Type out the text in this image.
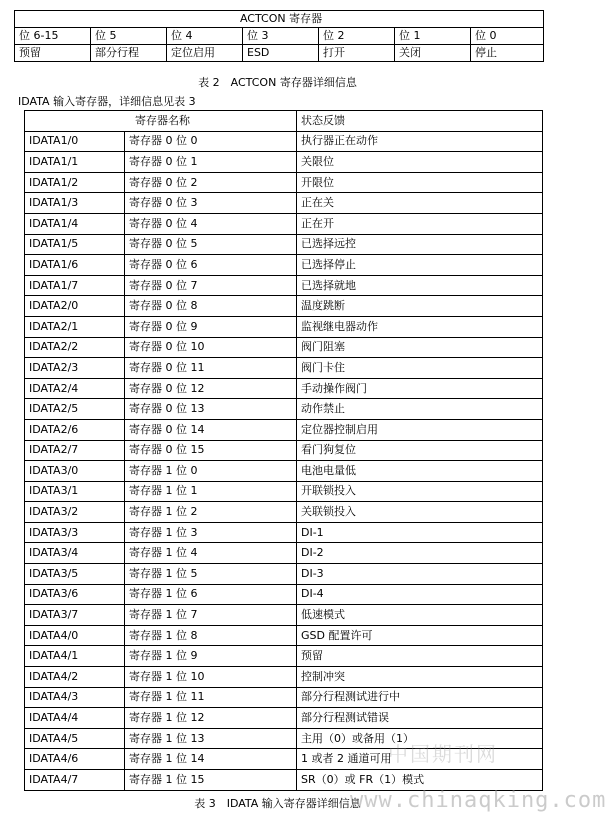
ACTCON 寄存器						
位 6-15	位 5	位 4	位 3	位 2	位 1	位 0
预留	部分行程	定位启用	ESD	打开	关闭	停止
表 2　ACTCON 寄存器详细信息
IDATA 输入寄存器，详细信息见表 3
寄存器名称		状态反馈
IDATA1/0	寄存器 0 位 0	执行器正在动作
IDATA1/1	寄存器 0 位 1	关限位
IDATA1/2	寄存器 0 位 2	开限位
IDATA1/3	寄存器 0 位 3	正在关
IDATA1/4	寄存器 0 位 4	正在开
IDATA1/5	寄存器 0 位 5	已选择远控
IDATA1/6	寄存器 0 位 6	已选择停止
IDATA1/7	寄存器 0 位 7	已选择就地
IDATA2/0	寄存器 0 位 8	温度跳断
IDATA2/1	寄存器 0 位 9	监视继电器动作
IDATA2/2	寄存器 0 位 10	阀门阻塞
IDATA2/3	寄存器 0 位 11	阀门卡住
IDATA2/4	寄存器 0 位 12	手动操作阀门
IDATA2/5	寄存器 0 位 13	动作禁止
IDATA2/6	寄存器 0 位 14	定位器控制启用
IDATA2/7	寄存器 0 位 15	看门狗复位
IDATA3/0	寄存器 1 位 0	电池电量低
IDATA3/1	寄存器 1 位 1	开联锁投入
IDATA3/2	寄存器 1 位 2	关联锁投入
IDATA3/3	寄存器 1 位 3	DI-1
IDATA3/4	寄存器 1 位 4	DI-2
IDATA3/5	寄存器 1 位 5	DI-3
IDATA3/6	寄存器 1 位 6	DI-4
IDATA3/7	寄存器 1 位 7	低速模式
IDATA4/0	寄存器 1 位 8	GSD 配置许可
IDATA4/1	寄存器 1 位 9	预留
IDATA4/2	寄存器 1 位 10	控制冲突
IDATA4/3	寄存器 1 位 11	部分行程测试进行中
IDATA4/4	寄存器 1 位 12	部分行程测试错误
IDATA4/5	寄存器 1 位 13	主用（0）或备用（1）
IDATA4/6	寄存器 1 位 14	1 或者 2 通道可用
IDATA4/7	寄存器 1 位 15	SR（0）或 FR（1）模式
表 3　IDATA 输入寄存器详细信息
中国期刊网
www.chinaqking.com
